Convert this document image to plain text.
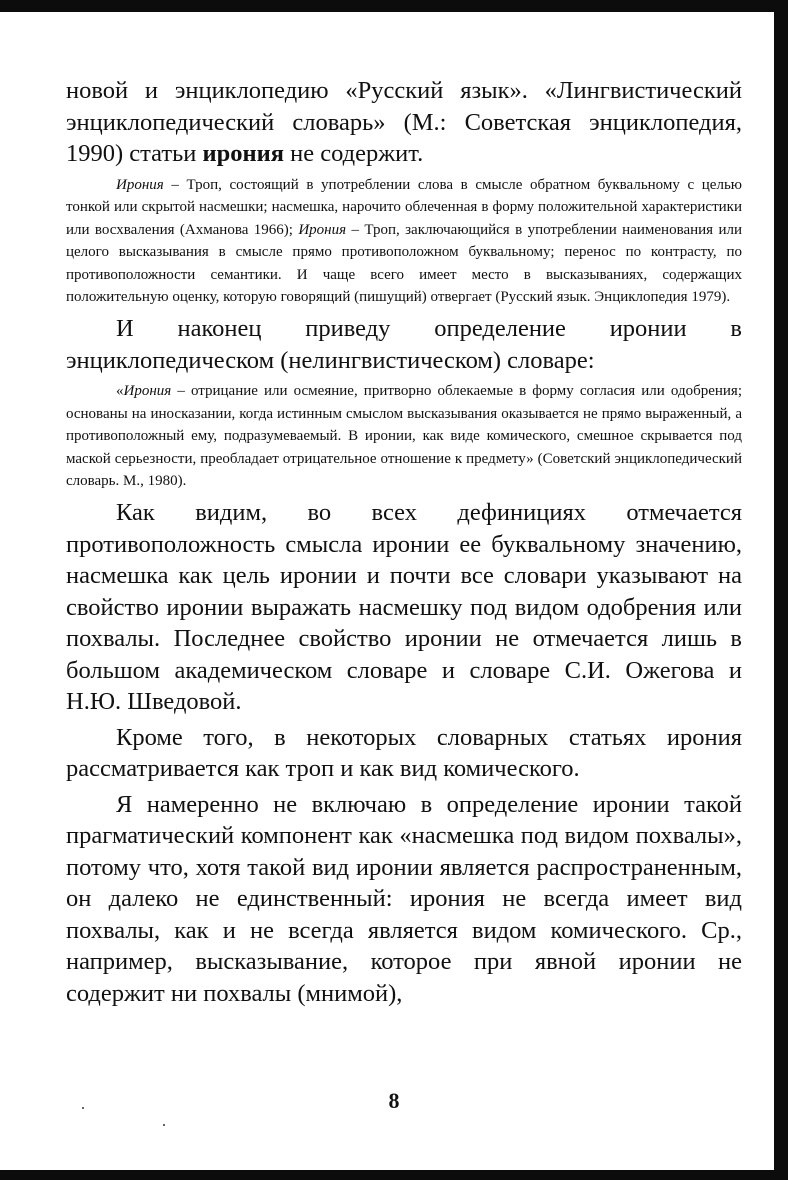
новой и энциклопедию «Русский язык». «Лингвистический энциклопедический словарь» (М.: Советская энциклопедия, 1990) статьи ирония не содержит.

Ирония – Троп, состоящий в употреблении слова в смысле обратном буквальному с целью тонкой или скрытой насмешки; насмешка, нарочито облеченная в форму положительной характеристики или восхваления (Ахманова 1966); Ирония – Троп, заключающийся в употреблении наименования или целого высказывания в смысле прямо противоположном буквальному; перенос по контрасту, по противоположности семантики. И чаще всего имеет место в высказываниях, содержащих положительную оценку, которую говорящий (пишущий) отвергает (Русский язык. Энциклопедия 1979).

И наконец приведу определение иронии в энциклопедическом (нелингвистическом) словаре:

«Ирония – отрицание или осмеяние, притворно облекаемые в форму согласия или одобрения; основаны на иносказании, когда истинным смыслом высказывания оказывается не прямо выраженный, а противоположный ему, подразумеваемый. В иронии, как виде комического, смешное скрывается под маской серьезности, преобладает отрицательное отношение к предмету» (Советский энциклопедический словарь. М., 1980).

Как видим, во всех дефинициях отмечается противоположность смысла иронии ее буквальному значению, насмешка как цель иронии и почти все словари указывают на свойство иронии выражать насмешку под видом одобрения или похвалы. Последнее свойство иронии не отмечается лишь в большом академическом словаре и словаре С.И. Ожегова и Н.Ю. Шведовой.

Кроме того, в некоторых словарных статьях ирония рассматривается как троп и как вид комического.

Я намеренно не включаю в определение иронии такой прагматический компонент как «насмешка под видом похвалы», потому что, хотя такой вид иронии является распространенным, он далеко не единственный: ирония не всегда имеет вид похвалы, как и не всегда является видом комического. Ср., например, высказывание, которое при явной иронии не содержит ни похвалы (мнимой),

8
